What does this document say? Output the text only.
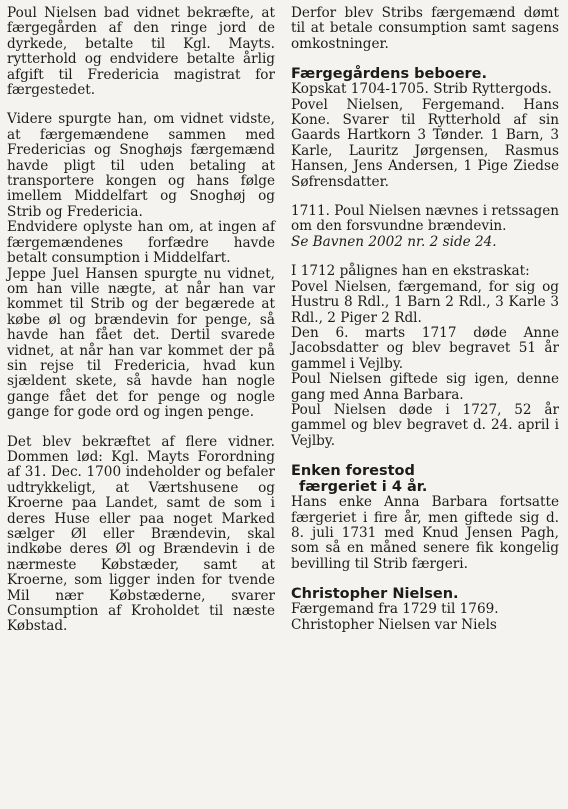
Poul Nielsen bad vidnet bekræfte, at færgegården af den ringe jord de dyrkede, betalte til Kgl. Mayts. rytterhold og endvidere betalte årlig afgift til Fredericia magistrat for færgestedet.

Videre spurgte han, om vidnet vidste, at færgemændene sammen med Fredericias og Snoghøjs færgemænd havde pligt til uden betaling at transportere kongen og hans følge imellem Middelfart og Snoghøj og Strib og Fredericia.

Endvidere oplyste han om, at ingen af færgemændenes forfædre havde betalt consumption i Middelfart.

Jeppe Juel Hansen spurgte nu vidnet, om han ville nægte, at når han var kommet til Strib og der begærede at købe øl og brændevin for penge, så havde han fået det. Dertil svarede vidnet, at når han var kommet der på sin rejse til Fredericia, hvad kun sjældent skete, så havde han nogle gange fået det for penge og nogle gange for gode ord og ingen penge.

Det blev bekræftet af flere vidner. Dommen lød: Kgl. Mayts Forordning af 31. Dec. 1700 indeholder og befaler udtrykkeligt, at Værtshusene og Kroerne paa Landet, samt de som i deres Huse eller paa noget Marked sælger Øl eller Brændevin, skal indkøbe deres Øl og Brændevin i de nærmeste Købstæder, samt at Kroerne, som ligger inden for tvende Mil nær Købstæderne, svarer Consumption af Kroholdet til næste Købstad.

Derfor blev Stribs færgemænd dømt til at betale consumption samt sagens omkostninger.

Færgegårdens beboere.

Kopskat 1704-1705. Strib Ryttergods.

Povel Nielsen, Fergemand. Hans Kone. Svarer til Rytterhold af sin Gaards Hartkorn 3 Tønder. 1 Barn, 3 Karle, Lauritz Jørgensen, Rasmus Hansen, Jens Andersen, 1 Pige Ziedse Søfrensdatter.

1711. Poul Nielsen nævnes i retssagen om den forsvundne brændevin.

Se Bavnen 2002 nr. 2 side 24.

I 1712 pålignes han en ekstraskat:

Povel Nielsen, færgemand, for sig og Hustru 8 Rdl., 1 Barn 2 Rdl., 3 Karle 3 Rdl., 2 Piger 2 Rdl.

Den 6. marts 1717 døde Anne Jacobsdatter og blev begravet 51 år gammel i Vejlby.

Poul Nielsen giftede sig igen, denne gang med Anna Barbara.

Poul Nielsen døde i 1727, 52 år gammel og blev begravet d. 24. april i Vejlby.

Enken forestod

færgeriet i 4 år.

Hans enke Anna Barbara fortsatte færgeriet i fire år, men giftede sig d. 8. juli 1731 med Knud Jensen Pagh, som så en måned senere fik kongelig bevilling til Strib færgeri.

Christopher Nielsen.

Færgemand fra 1729 til 1769.

Christopher Nielsen var Niels
